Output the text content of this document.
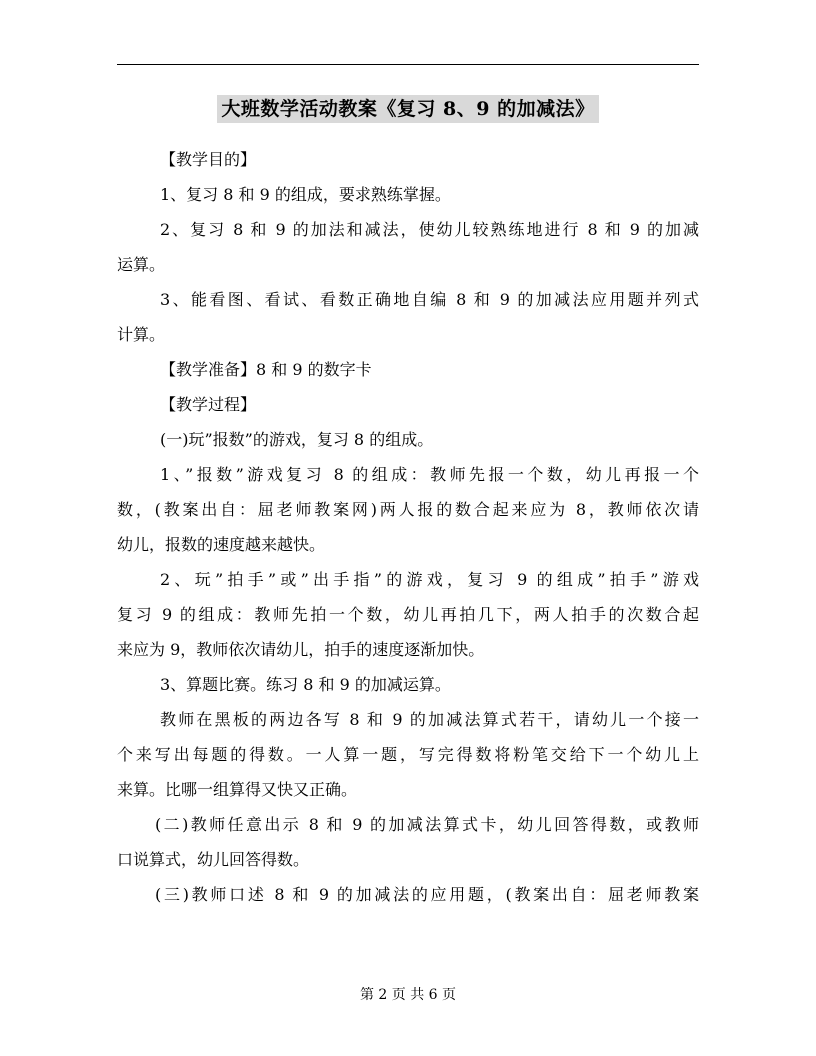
大班数学活动教案《复习 8、9 的加减法》
【教学目的】
1、复习 8 和 9 的组成，要求熟练掌握。
2、复习 8 和 9 的加法和减法，使幼儿较熟练地进行 8 和 9 的加减
运算。
3、能看图、看试、看数正确地自编 8 和 9 的加减法应用题并列式
计算。
【教学准备】8 和 9 的数字卡
【教学过程】
(一)玩”报数”的游戏，复习 8 的组成。
1、”报数”游戏复习 8 的组成：教师先报一个数，幼儿再报一个
数，(教案出自：屈老师教案网)两人报的数合起来应为 8，教师依次请
幼儿，报数的速度越来越快。
2、玩”拍手”或”出手指”的游戏，复习 9 的组成”拍手”游戏
复习 9 的组成：教师先拍一个数，幼儿再拍几下，两人拍手的次数合起
来应为 9，教师依次请幼儿，拍手的速度逐渐加快。
3、算题比赛。练习 8 和 9 的加减运算。
教师在黑板的两边各写 8 和 9 的加减法算式若干，请幼儿一个接一
个来写出每题的得数。一人算一题，写完得数将粉笔交给下一个幼儿上
来算。比哪一组算得又快又正确。
(二)教师任意出示 8 和 9 的加减法算式卡，幼儿回答得数，或教师
口说算式，幼儿回答得数。
(三)教师口述 8 和 9 的加减法的应用题，(教案出自：屈老师教案
第 2 页 共 6 页
